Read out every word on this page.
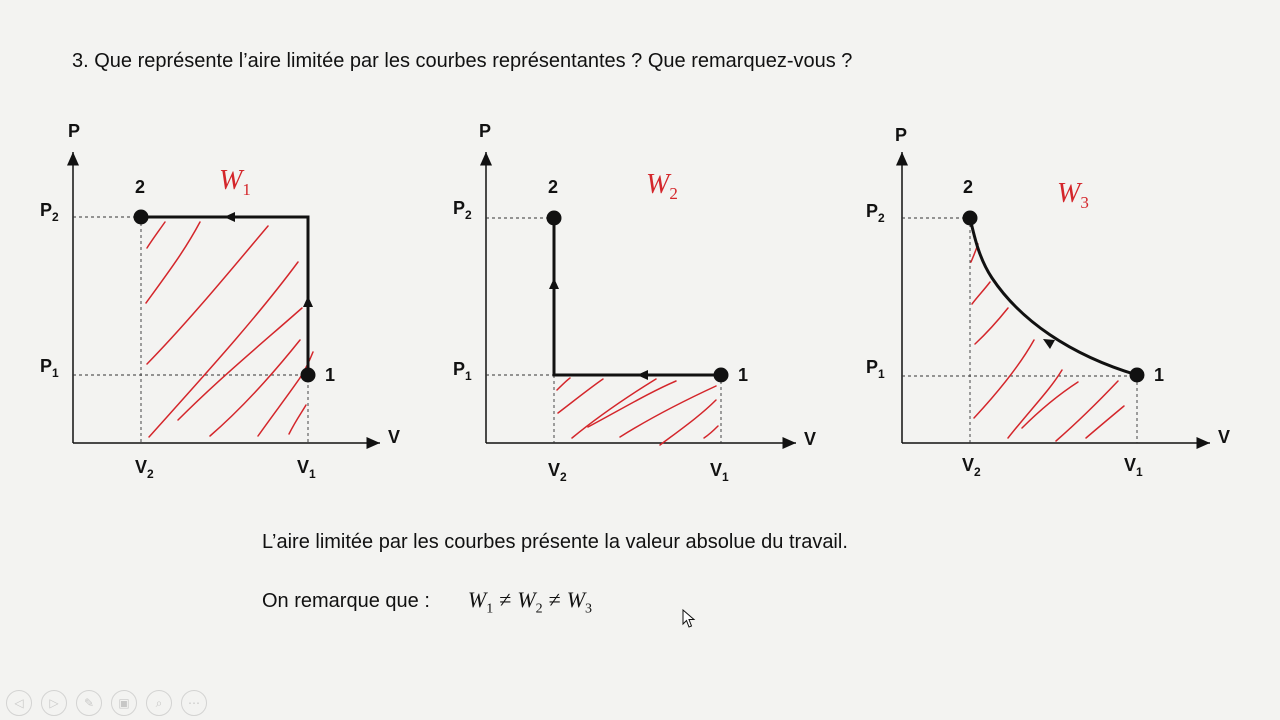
3. Que représente l’aire limitée par les courbes représentantes ? Que remarquez-vous ?
P
V
$P_2$
$P_1$
$V_2$	$V_1$
2
1
$W_1$
P
V
$P_2$
$P_1$
$V_2$	$V_1$
2
1
$W_2$
P
V
$P_2$
$P_1$
$V_2$	$V_1$
2
1
$W_3$
L’aire limitée par les courbes présente la valeur absolue du travail.
On remarque que : $W_1 \ne W_2 \ne W_3$
◁	▷	✎	▣	⌕	⋯
